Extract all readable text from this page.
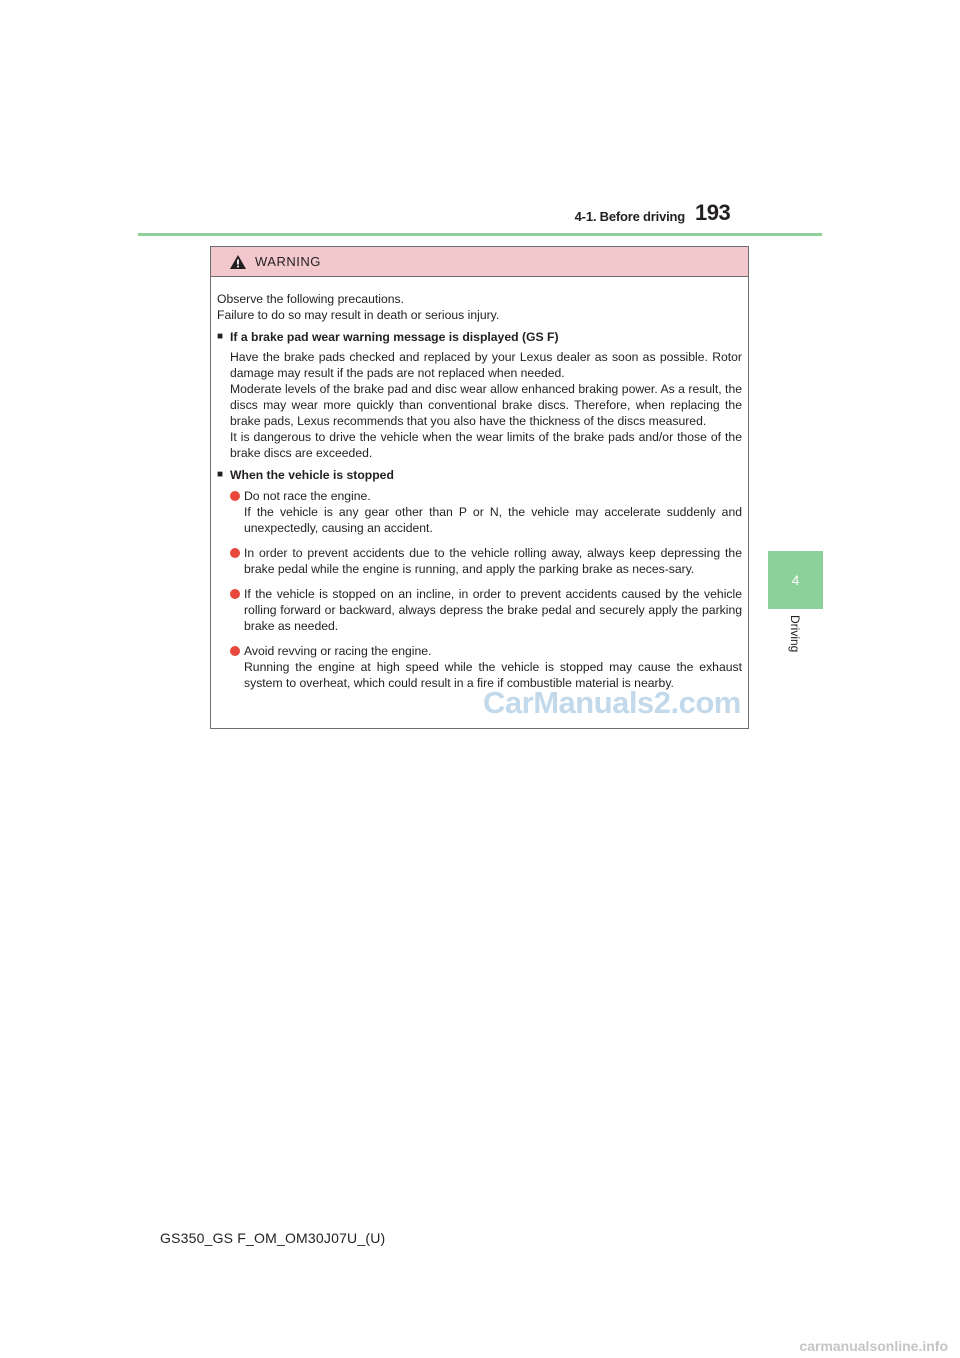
4-1. Before driving 193
4
Driving
WARNING

Observe the following precautions.

Failure to do so may result in death or serious injury.

■ If a brake pad wear warning message is displayed (GS F)
Have the brake pads checked and replaced by your Lexus dealer as soon as possible. Rotor damage may result if the pads are not replaced when needed.
Moderate levels of the brake pad and disc wear allow enhanced braking power. As a result, the discs may wear more quickly than conventional brake discs. Therefore, when replacing the brake pads, Lexus recommends that you also have the thickness of the discs measured.
It is dangerous to drive the vehicle when the wear limits of the brake pads and/or those of the brake discs are exceeded.
■ When the vehicle is stopped
Do not race the engine.
If the vehicle is any gear other than P or N, the vehicle may accelerate suddenly and unexpectedly, causing an accident.
In order to prevent accidents due to the vehicle rolling away, always keep depressing the brake pedal while the engine is running, and apply the parking brake as neces-sary.
If the vehicle is stopped on an incline, in order to prevent accidents caused by the vehicle rolling forward or backward, always depress the brake pedal and securely apply the parking brake as needed.
Avoid revving or racing the engine.
Running the engine at high speed while the vehicle is stopped may cause the exhaust system to overheat, which could result in a fire if combustible material is nearby.
CarManuals2.com
GS350_GS F_OM_OM30J07U_(U)
carmanualsonline.info
